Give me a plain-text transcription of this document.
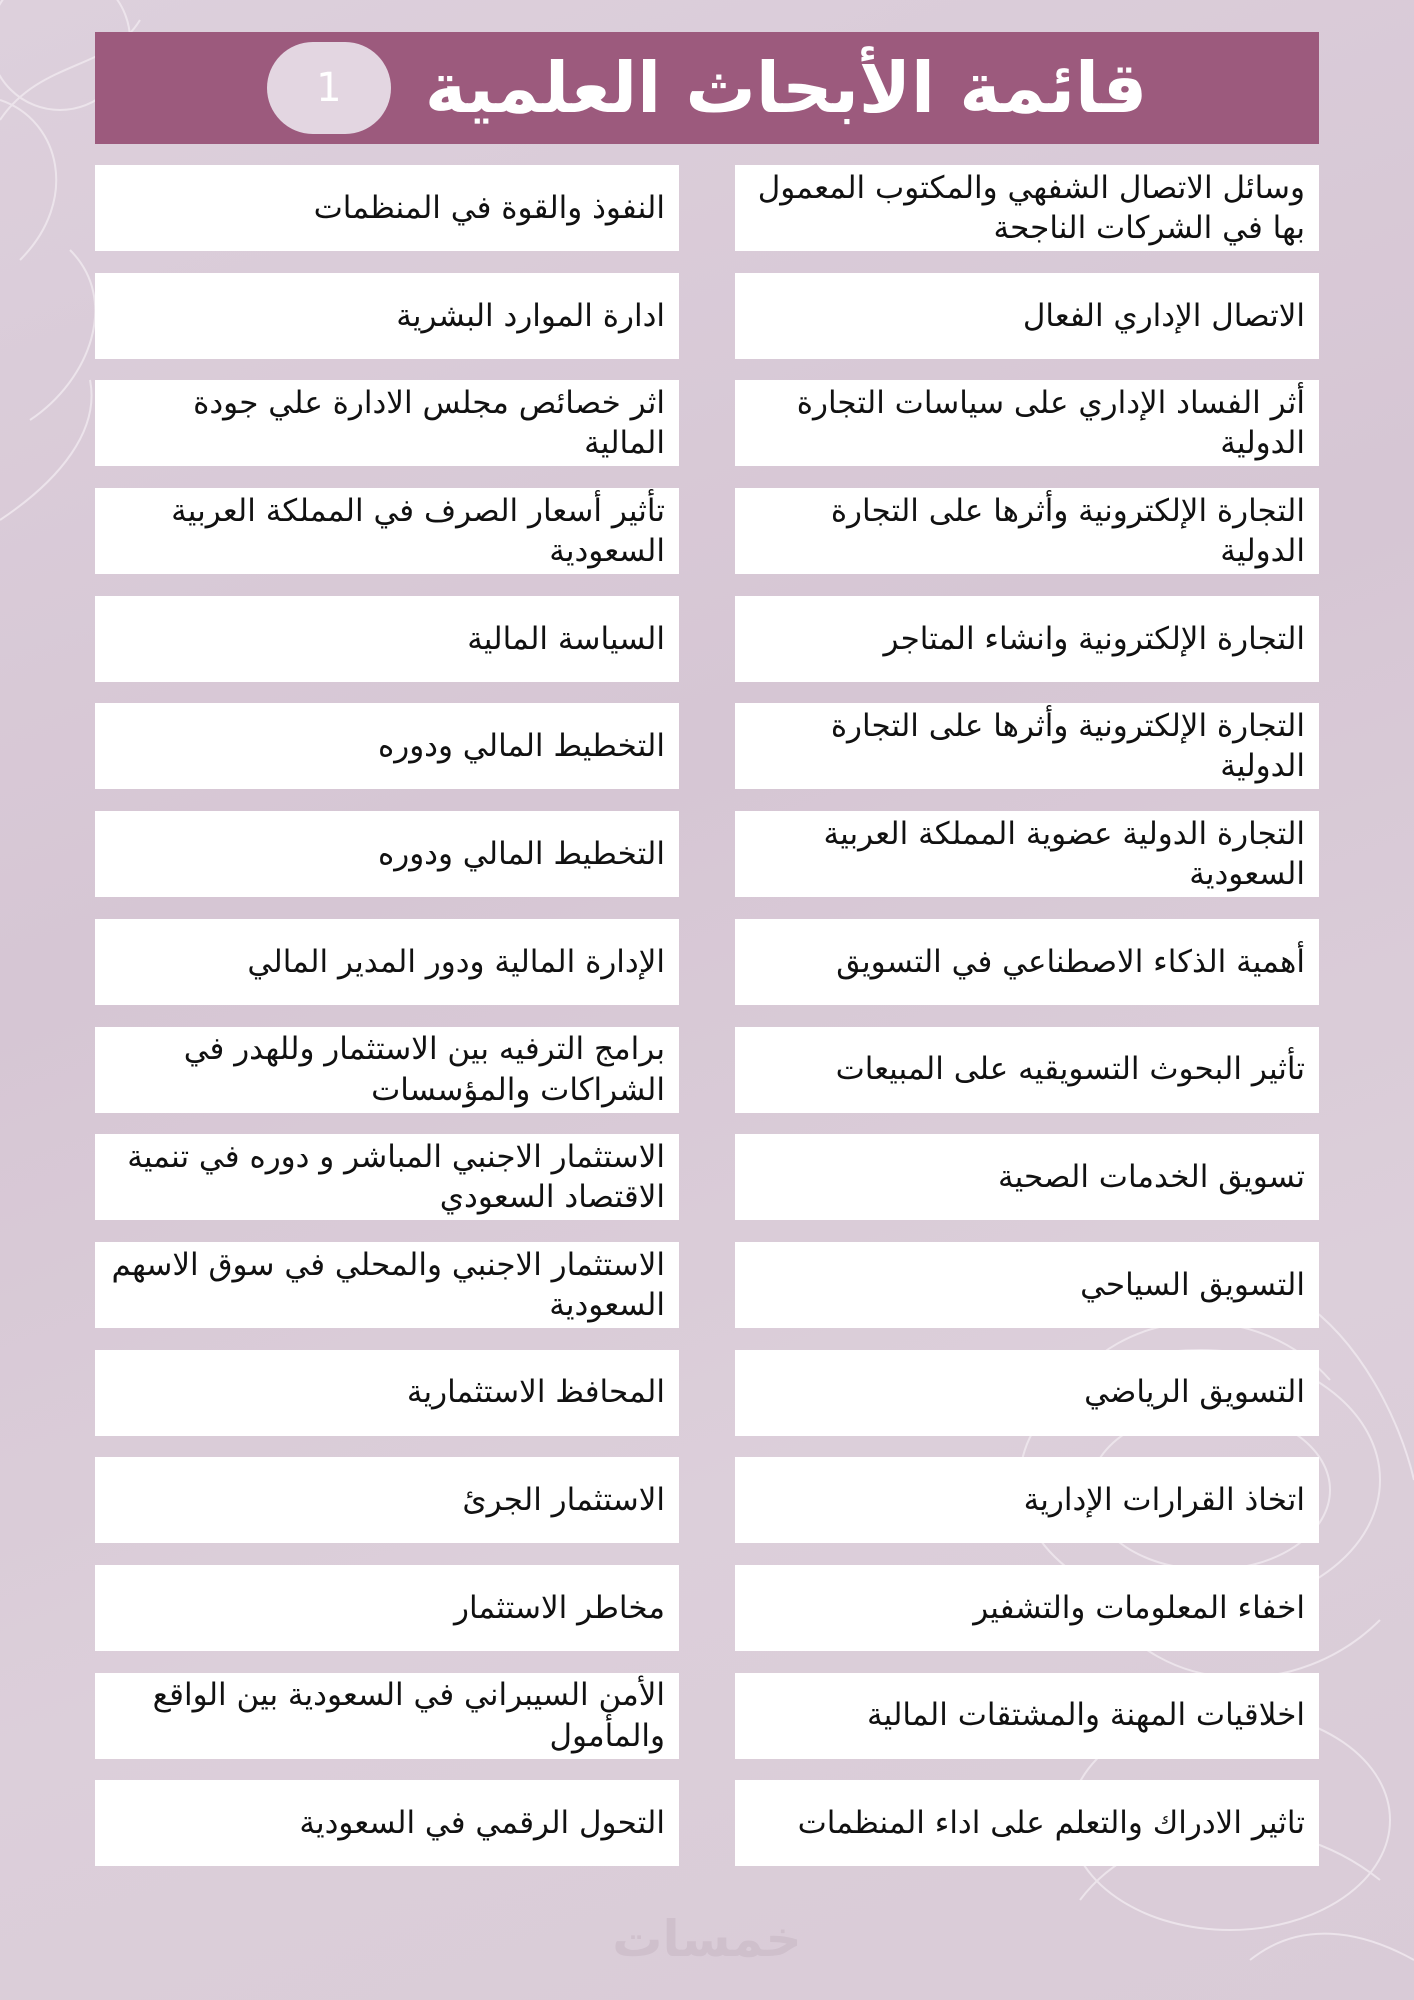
1	قائمة الأبحاث العلمية
وسائل الاتصال الشفهي والمكتوب المعمول بها في الشركات الناجحة
النفوذ والقوة في المنظمات
الاتصال الإداري الفعال
ادارة الموارد البشرية
أثر الفساد الإداري على سياسات التجارة الدولية
اثر خصائص مجلس الادارة علي جودة المالية
التجارة الإلكترونية وأثرها على التجارة الدولية
تأثير أسعار الصرف في المملكة العربية السعودية
التجارة الإلكترونية وانشاء المتاجر
السياسة المالية
التجارة الإلكترونية وأثرها على التجارة الدولية
التخطيط المالي ودوره
التجارة الدولية عضوية المملكة العربية السعودية
التخطيط المالي ودوره
أهمية الذكاء الاصطناعي في التسويق
الإدارة المالية ودور المدير المالي
تأثير البحوث التسويقيه على المبيعات
برامج الترفيه بين الاستثمار وللهدر في الشراكات والمؤسسات
تسويق الخدمات الصحية
الاستثمار الاجنبي المباشر و دوره في تنمية الاقتصاد السعودي
التسويق السياحي
الاستثمار الاجنبي والمحلي في سوق الاسهم السعودية
التسويق الرياضي
المحافظ الاستثمارية
اتخاذ القرارات الإدارية
الاستثمار الجرئ
اخفاء المعلومات والتشفير
مخاطر الاستثمار
اخلاقيات المهنة والمشتقات المالية
الأمن السيبراني في السعودية بين الواقع والمأمول
تاثير الادراك والتعلم على اداء المنظمات
التحول الرقمي في السعودية
خمسات
